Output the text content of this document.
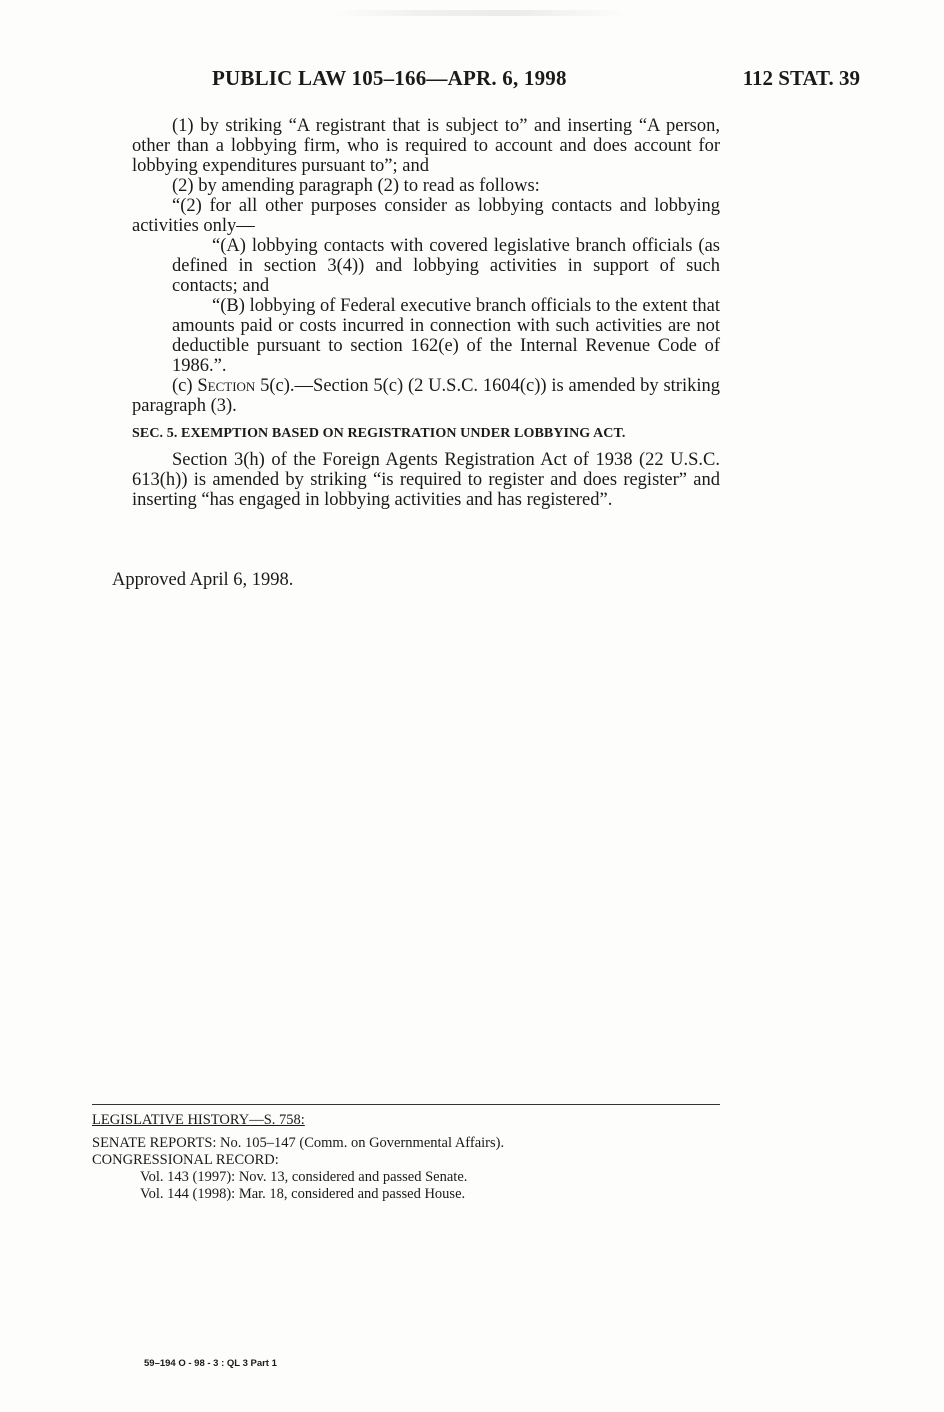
PUBLIC LAW 105–166—APR. 6, 1998	112 STAT. 39

(1) by striking “A registrant that is subject to” and inserting “A person, other than a lobbying firm, who is required to account and does account for lobbying expenditures pursuant to”; and

(2) by amending paragraph (2) to read as follows:

“(2) for all other purposes consider as lobbying contacts and lobbying activities only—

“(A) lobbying contacts with covered legislative branch officials (as defined in section 3(4)) and lobbying activities in support of such contacts; and

“(B) lobbying of Federal executive branch officials to the extent that amounts paid or costs incurred in connection with such activities are not deductible pursuant to section 162(e) of the Internal Revenue Code of 1986.”.

(c) Section 5(c).—Section 5(c) (2 U.S.C. 1604(c)) is amended by striking paragraph (3).

SEC. 5. EXEMPTION BASED ON REGISTRATION UNDER LOBBYING ACT.

Section 3(h) of the Foreign Agents Registration Act of 1938 (22 U.S.C. 613(h)) is amended by striking “is required to register and does register” and inserting “has engaged in lobbying activities and has registered”.

Approved April 6, 1998.

LEGISLATIVE HISTORY—S. 758:

SENATE REPORTS: No. 105–147 (Comm. on Governmental Affairs).

CONGRESSIONAL RECORD:

Vol. 143 (1997): Nov. 13, considered and passed Senate.

Vol. 144 (1998): Mar. 18, considered and passed House.

59–194 O - 98 - 3 : QL 3 Part 1
